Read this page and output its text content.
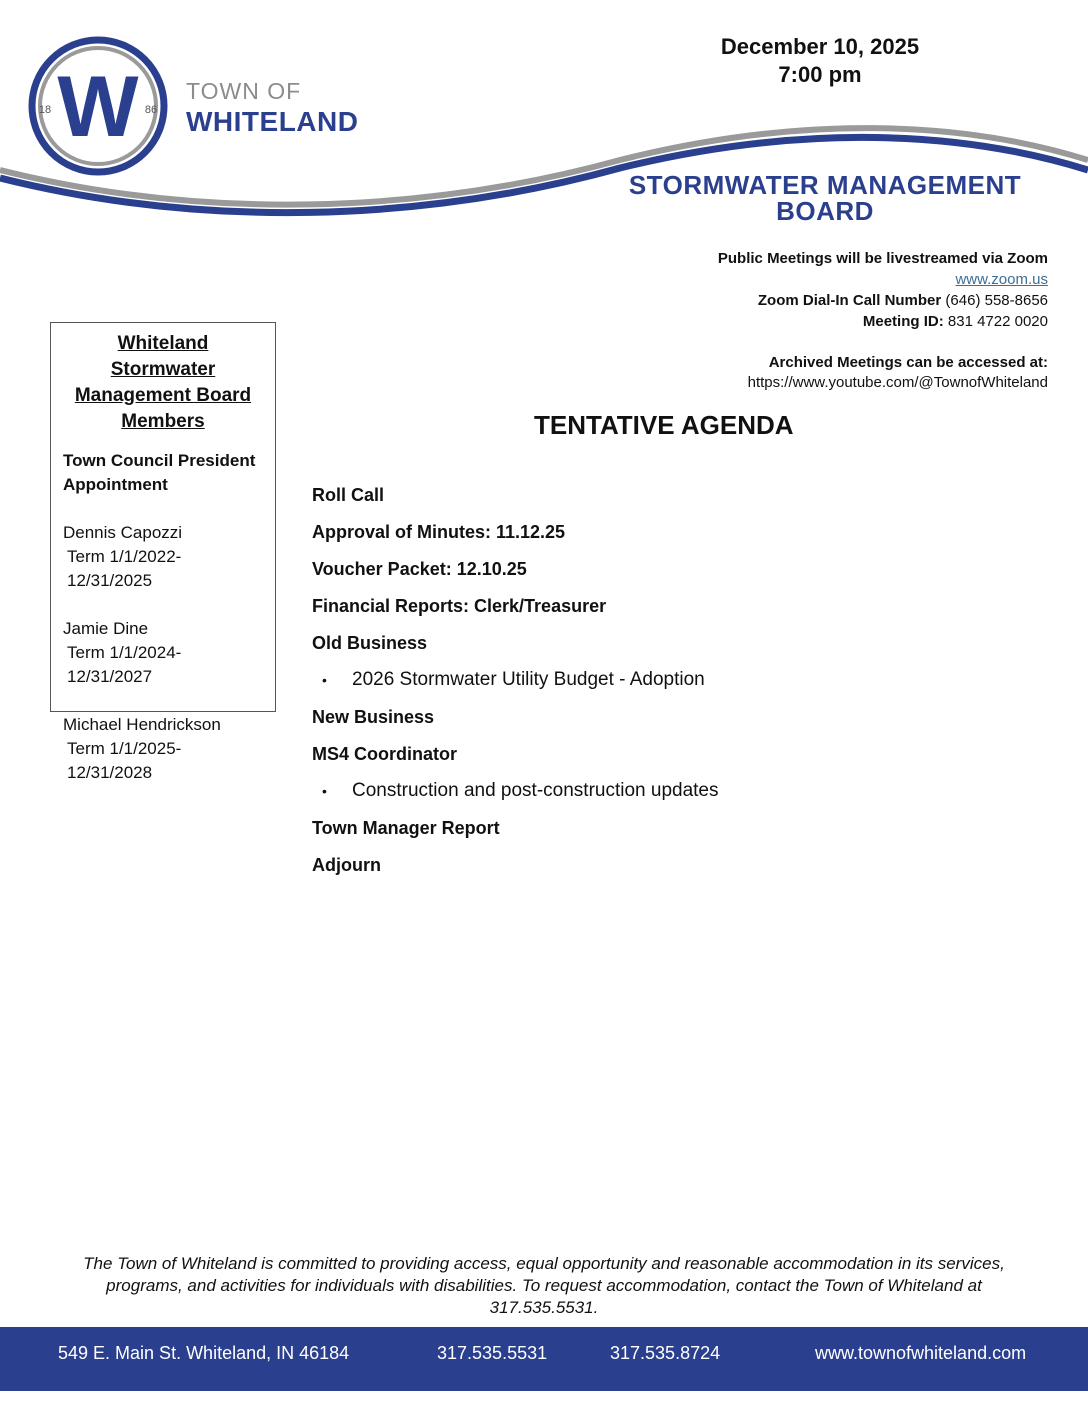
W
18	86
TOWN OF
WHITELAND
December 10, 2025
7:00 pm
STORMWATER MANAGEMENT
BOARD
Public Meetings will be livestreamed via Zoom
www.zoom.us
Zoom Dial-In Call Number (646) 558-8656
Meeting ID: 831 4722 0020
Archived Meetings can be accessed at:
https://www.youtube.com/@TownofWhiteland
Whiteland Stormwater Management Board Members
Town Council President Appointment
Dennis Capozzi
Term 1/1/2022-12/31/2025
Jamie Dine
Term 1/1/2024-12/31/2027
Michael Hendrickson
Term 1/1/2025-12/31/2028
TENTATIVE AGENDA
Roll Call
Approval of Minutes: 11.12.25
Voucher Packet: 12.10.25
Financial Reports: Clerk/Treasurer
Old Business
• 2026 Stormwater Utility Budget - Adoption
New Business
MS4 Coordinator
• Construction and post-construction updates
Town Manager Report
Adjourn
The Town of Whiteland is committed to providing access, equal opportunity and reasonable accommodation in its services, programs, and activities for individuals with disabilities. To request accommodation, contact the Town of Whiteland at 317.535.5531.
549 E. Main St. Whiteland, IN 46184	317.535.5531	317.535.8724	www.townofwhiteland.com
